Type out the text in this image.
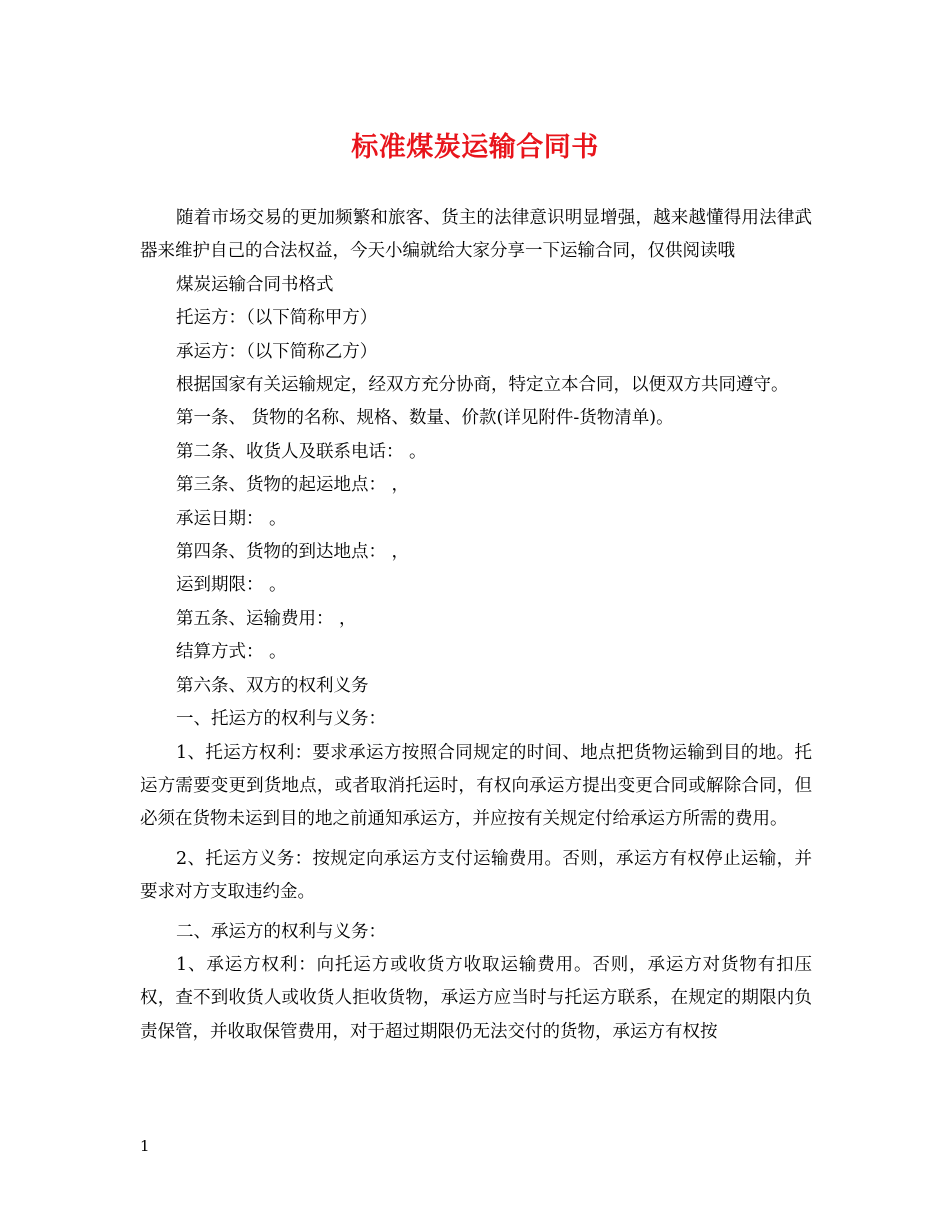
标准煤炭运输合同书

随着市场交易的更加频繁和旅客、货主的法律意识明显增强，越来越懂得用法律武器来维护自己的合法权益，今天小编就给大家分享一下运输合同，仅供阅读哦

煤炭运输合同书格式

托运方：（以下简称甲方）

承运方：（以下简称乙方）

根据国家有关运输规定，经双方充分协商，特定立本合同，以便双方共同遵守。

第一条、 货物的名称、规格、数量、价款(详见附件-货物清单)。

第二条、收货人及联系电话： 。

第三条、货物的起运地点： ，

承运日期： 。

第四条、货物的到达地点： ，

运到期限： 。

第五条、运输费用： ，

结算方式： 。

第六条、双方的权利义务

一、托运方的权利与义务：

1、托运方权利：要求承运方按照合同规定的时间、地点把货物运输到目的地。托运方需要变更到货地点，或者取消托运时，有权向承运方提出变更合同或解除合同，但必须在货物未运到目的地之前通知承运方，并应按有关规定付给承运方所需的费用。

2、托运方义务：按规定向承运方支付运输费用。否则，承运方有权停止运输，并要求对方支取违约金。

二、承运方的权利与义务：

1、承运方权利：向托运方或收货方收取运输费用。否则，承运方对货物有扣压权，查不到收货人或收货人拒收货物，承运方应当时与托运方联系，在规定的期限内负责保管，并收取保管费用，对于超过期限仍无法交付的货物，承运方有权按

1
